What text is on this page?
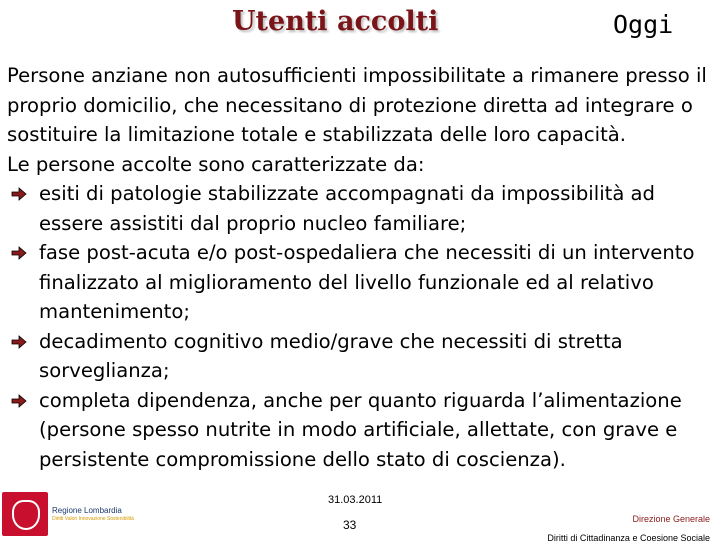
Utenti accolti	Oggi

Persone anziane non autosufficienti impossibilitate a rimanere presso il proprio domicilio, che necessitano di protezione diretta ad integrare o sostituire la limitazione totale e stabilizzata delle loro capacità.

Le persone accolte sono caratterizzate da:

esiti di patologie stabilizzate accompagnati da impossibilità ad essere assistiti dal proprio nucleo familiare;

fase post-acuta e/o post-ospedaliera che necessiti di un intervento finalizzato al miglioramento del livello funzionale ed al relativo mantenimento;

decadimento cognitivo medio/grave che necessiti di stretta sorveglianza;

completa dipendenza, anche per quanto riguarda l’alimentazione (persone spesso nutrite in modo artificiale, allettate, con grave e persistente compromissione dello stato di coscienza).

Regione Lombardia
Diritti Valori Innovazione Sostenibilità
31.03.2011
33	Direzione Generale
Diritti di Cittadinanza e Coesione Sociale
